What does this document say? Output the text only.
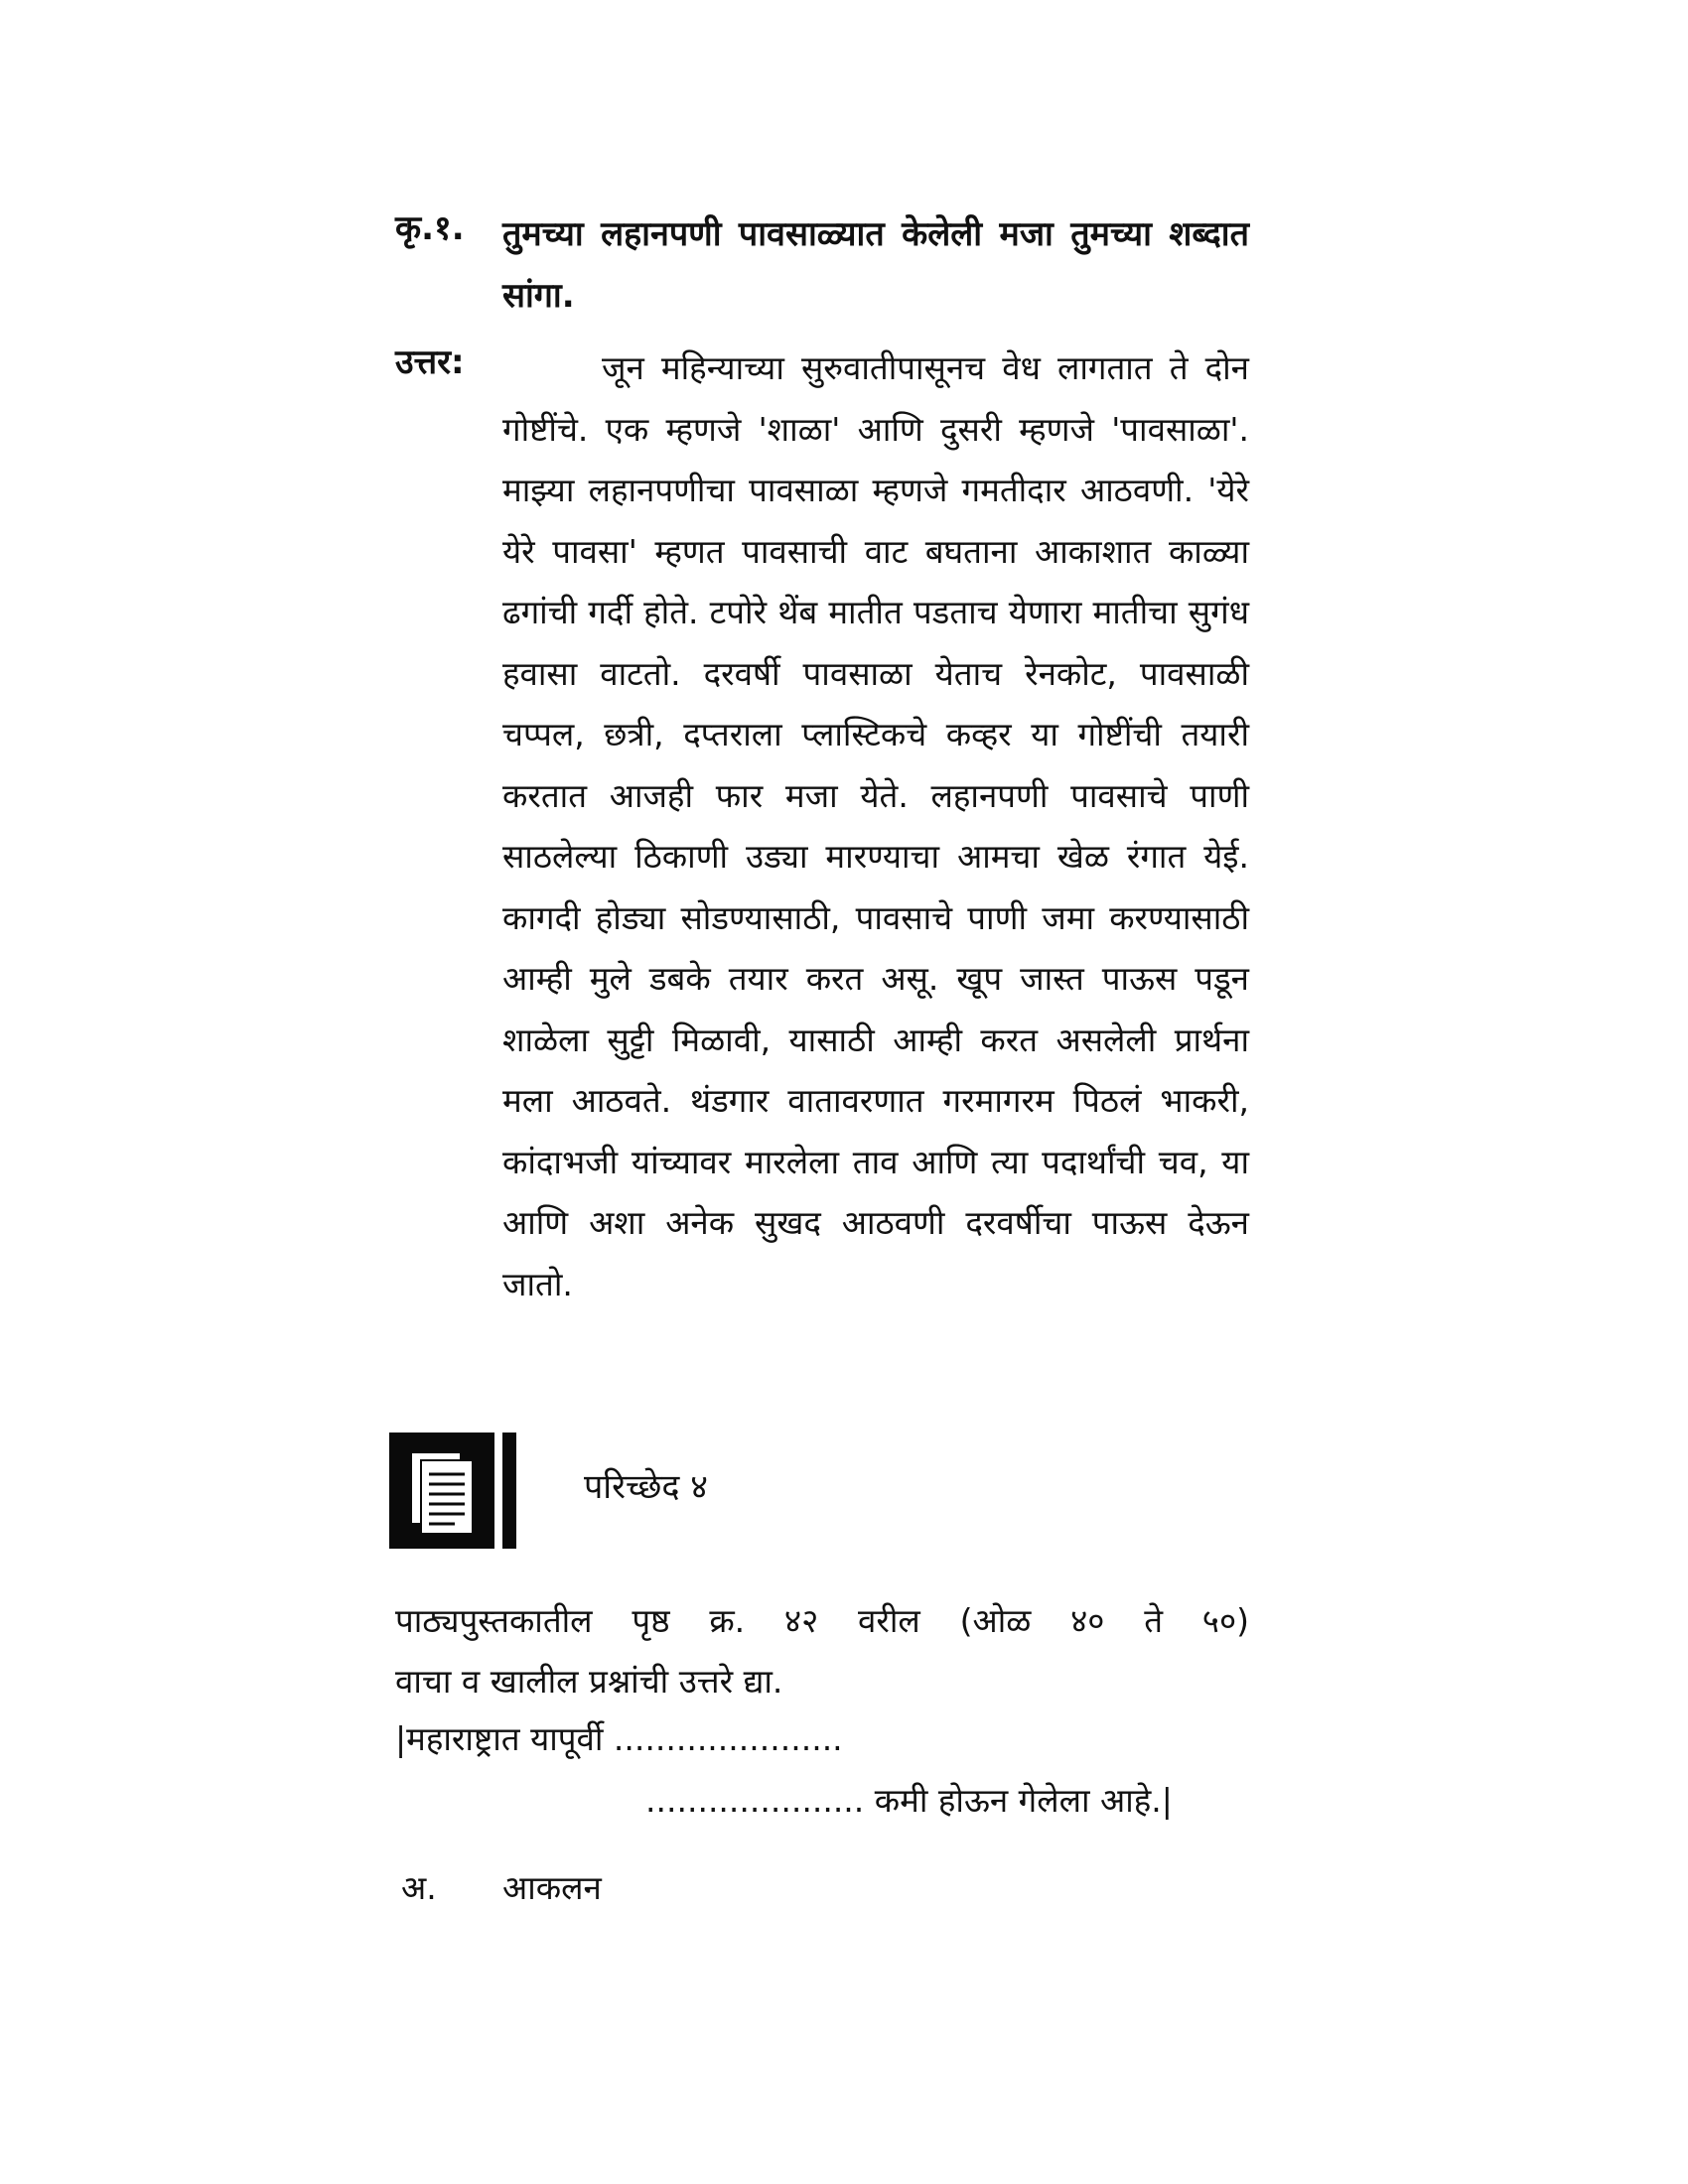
कृ.१. तुमच्या लहानपणी पावसाळ्यात केलेली मजा तुमच्या शब्दात सांगा.
उत्तर:	जून महिन्याच्या सुरुवातीपासूनच वेध लागतात ते दोन गोष्टींचे. एक म्हणजे 'शाळा' आणि दुसरी म्हणजे 'पावसाळा'. माझ्या लहानपणीचा पावसाळा म्हणजे गमतीदार आठवणी. 'येरे येरे पावसा' म्हणत पावसाची वाट बघताना आकाशात काळ्या ढगांची गर्दी होते. टपोरे थेंब मातीत पडताच येणारा मातीचा सुगंध हवासा वाटतो. दरवर्षी पावसाळा येताच रेनकोट, पावसाळी चप्पल, छत्री, दप्तराला प्लास्टिकचे कव्हर या गोष्टींची तयारी करतात आजही फार मजा येते. लहानपणी पावसाचे पाणी साठलेल्या ठिकाणी उड्या मारण्याचा आमचा खेळ रंगात येई. कागदी होड्या सोडण्यासाठी, पावसाचे पाणी जमा करण्यासाठी आम्ही मुले डबके तयार करत असू. खूप जास्त पाऊस पडून शाळेला सुट्टी मिळावी, यासाठी आम्ही करत असलेली प्रार्थना मला आठवते. थंडगार वातावरणात गरमागरम पिठलं भाकरी, कांदाभजी यांच्यावर मारलेला ताव आणि त्या पदार्थांची चव, या आणि अशा अनेक सुखद आठवणी दरवर्षीचा पाऊस देऊन जातो.
परिच्छेद ४
पाठ्यपुस्तकातील पृष्ठ क्र. ४२ वरील (ओळ ४० ते ५०)
वाचा व खालील प्रश्नांची उत्तरे द्या.
|महाराष्ट्रात यापूर्वी ......................
..................... कमी होऊन गेलेला आहे.|
अ. आकलन
